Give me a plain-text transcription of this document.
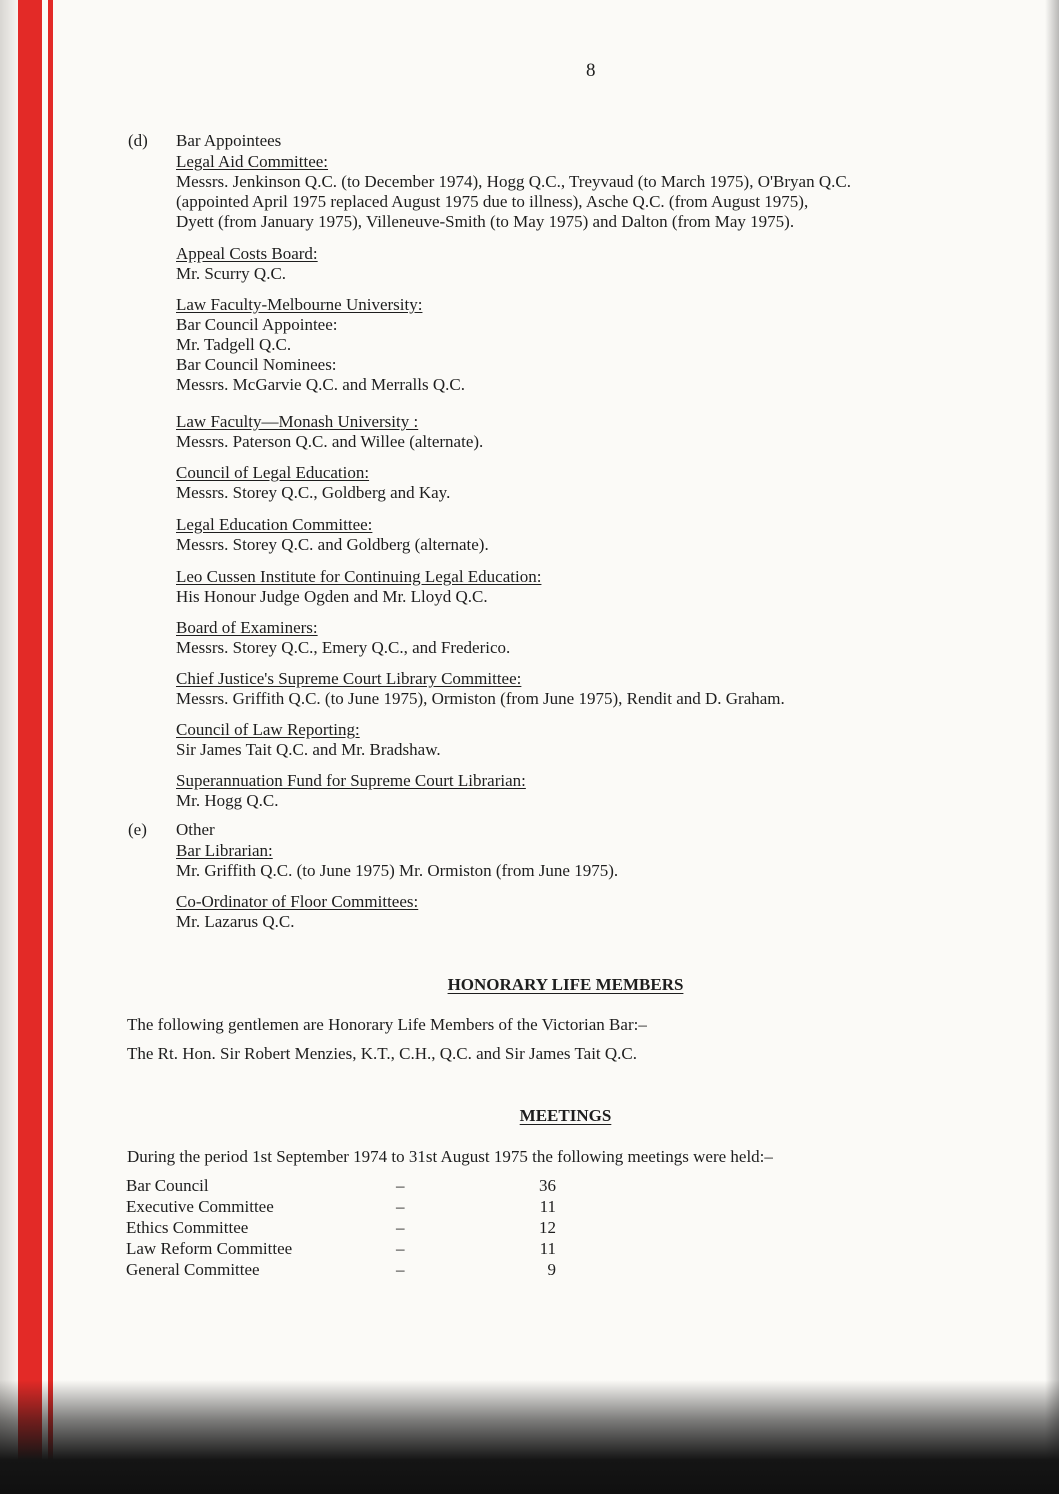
8
(d) Bar Appointees
Legal Aid Committee:
Messrs. Jenkinson Q.C. (to December 1974), Hogg Q.C., Treyvaud (to March 1975), O'Bryan Q.C.
(appointed April 1975 replaced August 1975 due to illness), Asche Q.C. (from August 1975),
Dyett (from January 1975), Villeneuve-Smith (to May 1975) and Dalton (from May 1975).
Appeal Costs Board:
Mr. Scurry Q.C.
Law Faculty-Melbourne University:
Bar Council Appointee:
Mr. Tadgell Q.C.
Bar Council Nominees:
Messrs. McGarvie Q.C. and Merralls Q.C.
Law Faculty—Monash University :
Messrs. Paterson Q.C. and Willee (alternate).
Council of Legal Education:
Messrs. Storey Q.C., Goldberg and Kay.
Legal Education Committee:
Messrs. Storey Q.C. and Goldberg (alternate).
Leo Cussen Institute for Continuing Legal Education:
His Honour Judge Ogden and Mr. Lloyd Q.C.
Board of Examiners:
Messrs. Storey Q.C., Emery Q.C., and Frederico.
Chief Justice's Supreme Court Library Committee:
Messrs. Griffith Q.C. (to June 1975), Ormiston (from June 1975), Rendit and D. Graham.
Council of Law Reporting:
Sir James Tait Q.C. and Mr. Bradshaw.
Superannuation Fund for Supreme Court Librarian:
Mr. Hogg Q.C.
(e) Other
Bar Librarian:
Mr. Griffith Q.C. (to June 1975) Mr. Ormiston (from June 1975).
Co-Ordinator of Floor Committees:
Mr. Lazarus Q.C.
HONORARY LIFE MEMBERS
The following gentlemen are Honorary Life Members of the Victorian Bar:–
The Rt. Hon. Sir Robert Menzies, K.T., C.H., Q.C. and Sir James Tait Q.C.
MEETINGS
During the period 1st September 1974 to 31st August 1975 the following meetings were held:–
Bar Council	–	36
Executive Committee	–	11
Ethics Committee	–	12
Law Reform Committee	–	11
General Committee	–	9
